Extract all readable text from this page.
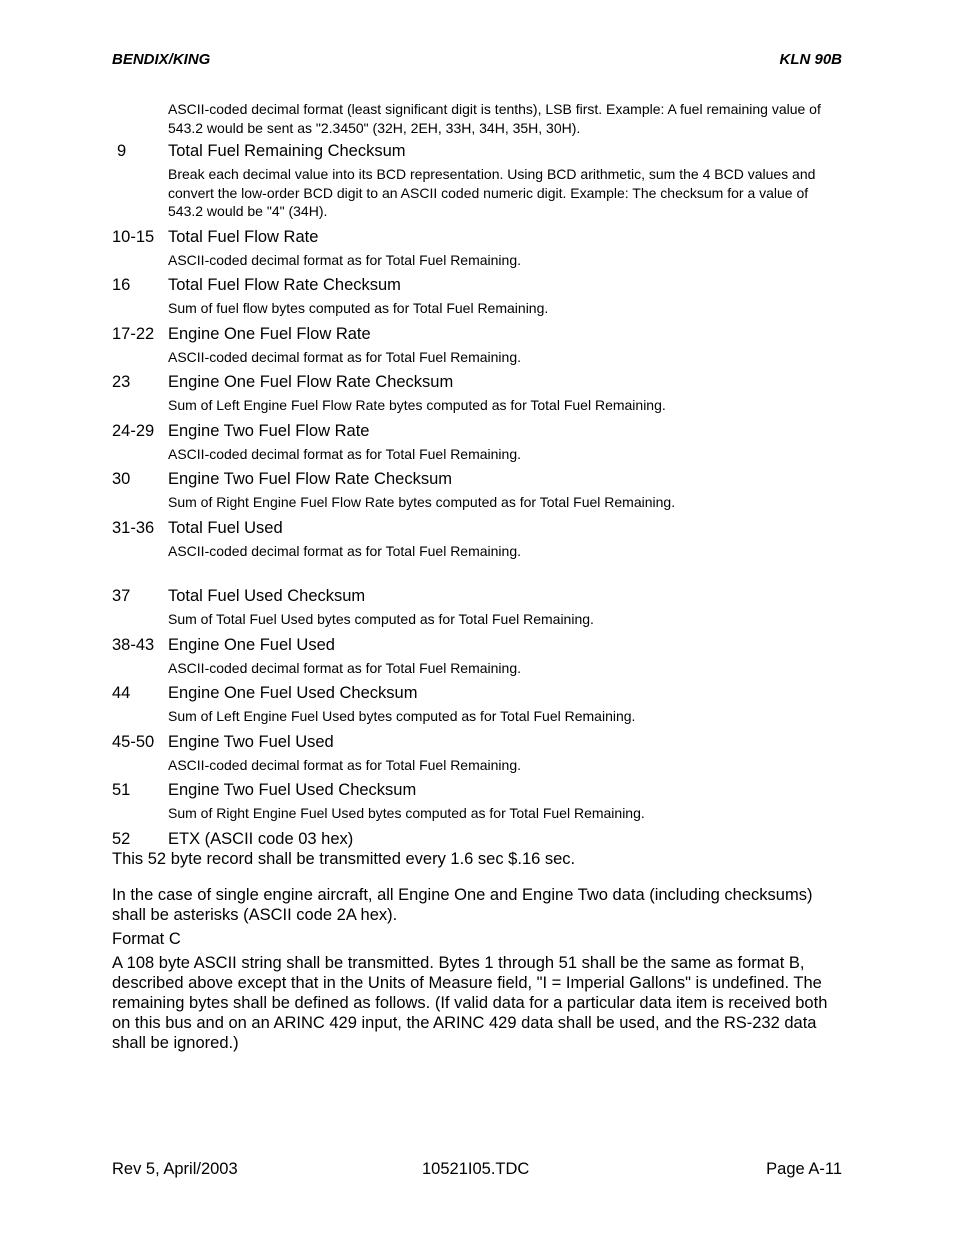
BENDIX/KING	KLN 90B
ASCII-coded decimal format (least significant digit is tenths), LSB first. Example: A fuel remaining value of 543.2 would be sent as "2.3450" (32H, 2EH, 33H, 34H, 35H, 30H).
9	Total Fuel Remaining Checksum
Break each decimal value into its BCD representation. Using BCD arithmetic, sum the 4 BCD values and convert the low-order BCD digit to an ASCII coded numeric digit. Example: The checksum for a value of 543.2 would be "4" (34H).
10-15 Total Fuel Flow Rate
ASCII-coded decimal format as for Total Fuel Remaining.
16	Total Fuel Flow Rate Checksum
Sum of fuel flow bytes computed as for Total Fuel Remaining.
17-22 Engine One Fuel Flow Rate
ASCII-coded decimal format as for Total Fuel Remaining.
23	Engine One Fuel Flow Rate Checksum
Sum of Left Engine Fuel Flow Rate bytes computed as for Total Fuel Remaining.
24-29 Engine Two Fuel Flow Rate
ASCII-coded decimal format as for Total Fuel Remaining.
30	Engine Two Fuel Flow Rate Checksum
Sum of Right Engine Fuel Flow Rate bytes computed as for Total Fuel Remaining.
31-36 Total Fuel Used
ASCII-coded decimal format as for Total Fuel Remaining.
37	Total Fuel Used Checksum
Sum of Total Fuel Used bytes computed as for Total Fuel Remaining.
38-43 Engine One Fuel Used
ASCII-coded decimal format as for Total Fuel Remaining.
44	Engine One Fuel Used Checksum
Sum of Left Engine Fuel Used bytes computed as for Total Fuel Remaining.
45-50 Engine Two Fuel Used
ASCII-coded decimal format as for Total Fuel Remaining.
51	Engine Two Fuel Used Checksum
Sum of Right Engine Fuel Used bytes computed as for Total Fuel Remaining.
52	ETX (ASCII code 03 hex)
This 52 byte record shall be transmitted every 1.6 sec $.16 sec.
In the case of single engine aircraft, all Engine One and Engine Two data (including checksums) shall be asterisks (ASCII code 2A hex).
Format C
A 108 byte ASCII string shall be transmitted. Bytes 1 through 51 shall be the same as format B, described above except that in the Units of Measure field, "I = Imperial Gallons" is undefined. The remaining bytes shall be defined as follows. (If valid data for a particular data item is received both on this bus and on an ARINC 429 input, the ARINC 429 data shall be used, and the RS-232 data shall be ignored.)
Rev 5, April/2003	10521I05.TDC	Page A-11
